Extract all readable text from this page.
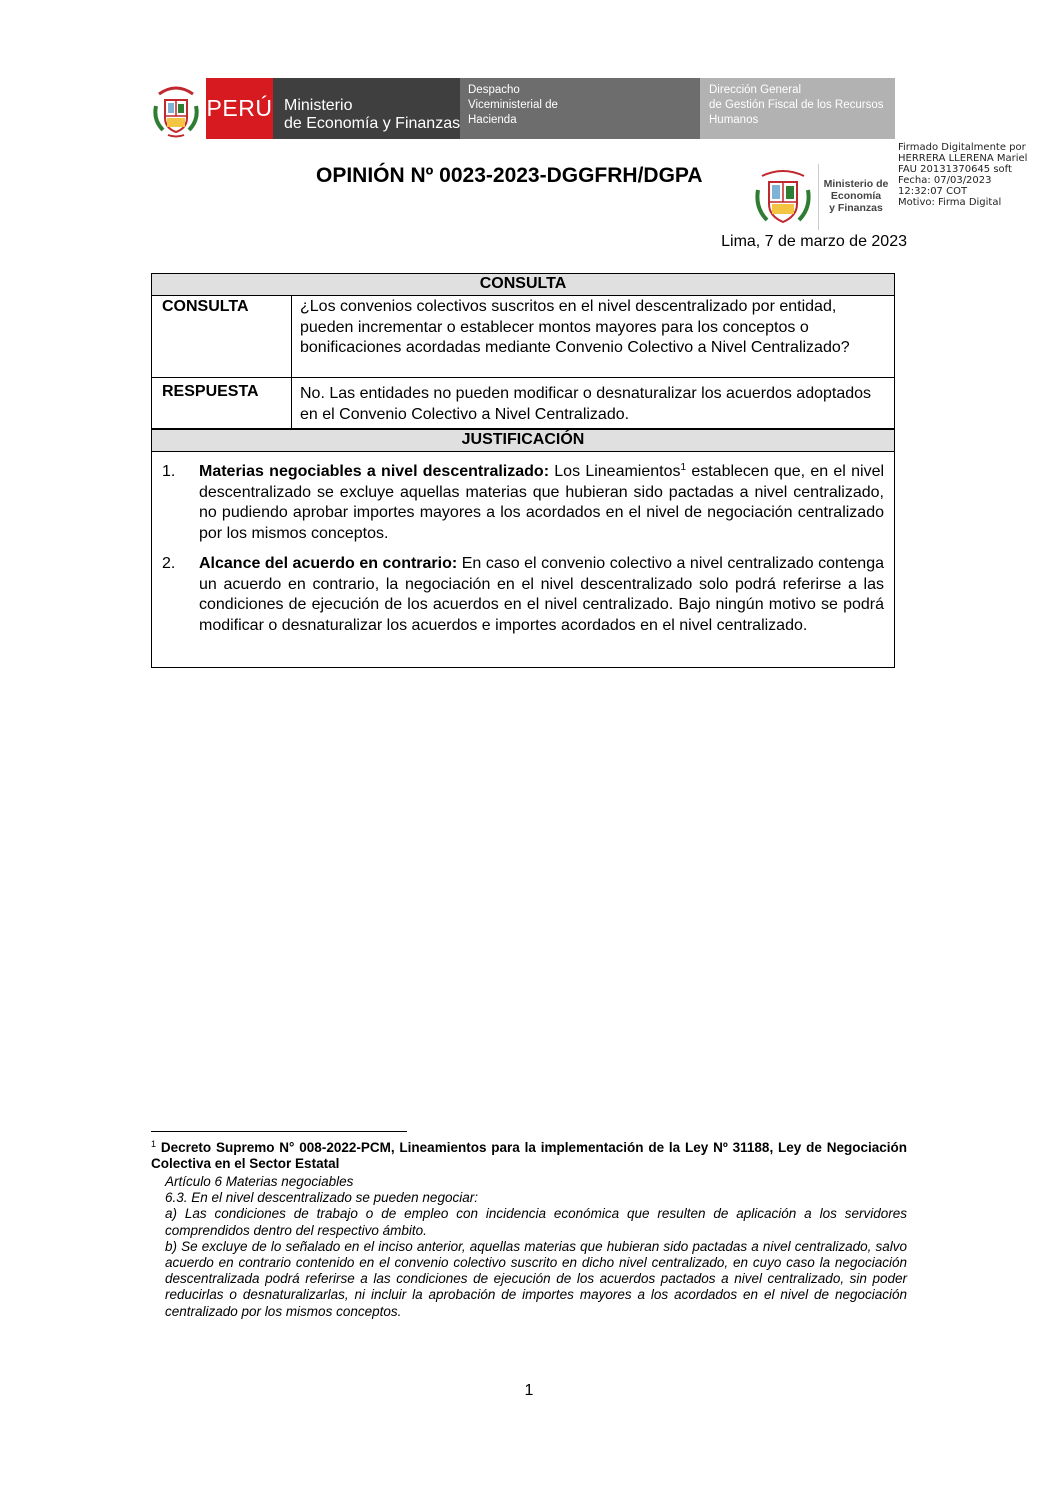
PERÚ Ministerio
de Economía y Finanzas
Despacho
Viceministerial de
Hacienda
Dirección General
de Gestión Fiscal de los Recursos
Humanos
Ministerio de
Economía
y Finanzas
Firmado Digitalmente por
HERRERA LLERENA Mariel
FAU 20131370645 soft
Fecha: 07/03/2023
12:32:07 COT
Motivo: Firma Digital
OPINIÓN Nº 0023-2023-DGGFRH/DGPA
Lima, 7 de marzo de 2023
CONSULTA
CONSULTA	¿Los convenios colectivos suscritos en el nivel descentralizado por entidad, pueden incrementar o establecer montos mayores para los conceptos o bonificaciones acordadas mediante Convenio Colectivo a Nivel Centralizado?
RESPUESTA	No. Las entidades no pueden modificar o desnaturalizar los acuerdos adoptados en el Convenio Colectivo a Nivel Centralizado.
JUSTIFICACIÓN
1. Materias negociables a nivel descentralizado: Los Lineamientos$^1$ establecen que, en el nivel descentralizado se excluye aquellas materias que hubieran sido pactadas a nivel centralizado, no pudiendo aprobar importes mayores a los acordados en el nivel de negociación centralizado por los mismos conceptos.
2. Alcance del acuerdo en contrario: En caso el convenio colectivo a nivel centralizado contenga un acuerdo en contrario, la negociación en el nivel descentralizado solo podrá referirse a las condiciones de ejecución de los acuerdos en el nivel centralizado. Bajo ningún motivo se podrá modificar o desnaturalizar los acuerdos e importes acordados en el nivel centralizado.
$^1$ Decreto Supremo N° 008-2022-PCM, Lineamientos para la implementación de la Ley Nº 31188, Ley de Negociación Colectiva en el Sector Estatal

Artículo 6 Materias negociables

6.3. En el nivel descentralizado se pueden negociar:

a) Las condiciones de trabajo o de empleo con incidencia económica que resulten de aplicación a los servidores comprendidos dentro del respectivo ámbito.

b) Se excluye de lo señalado en el inciso anterior, aquellas materias que hubieran sido pactadas a nivel centralizado, salvo acuerdo en contrario contenido en el convenio colectivo suscrito en dicho nivel centralizado, en cuyo caso la negociación descentralizada podrá referirse a las condiciones de ejecución de los acuerdos pactados a nivel centralizado, sin poder reducirlas o desnaturalizarlas, ni incluir la aprobación de importes mayores a los acordados en el nivel de negociación centralizado por los mismos conceptos.

1
